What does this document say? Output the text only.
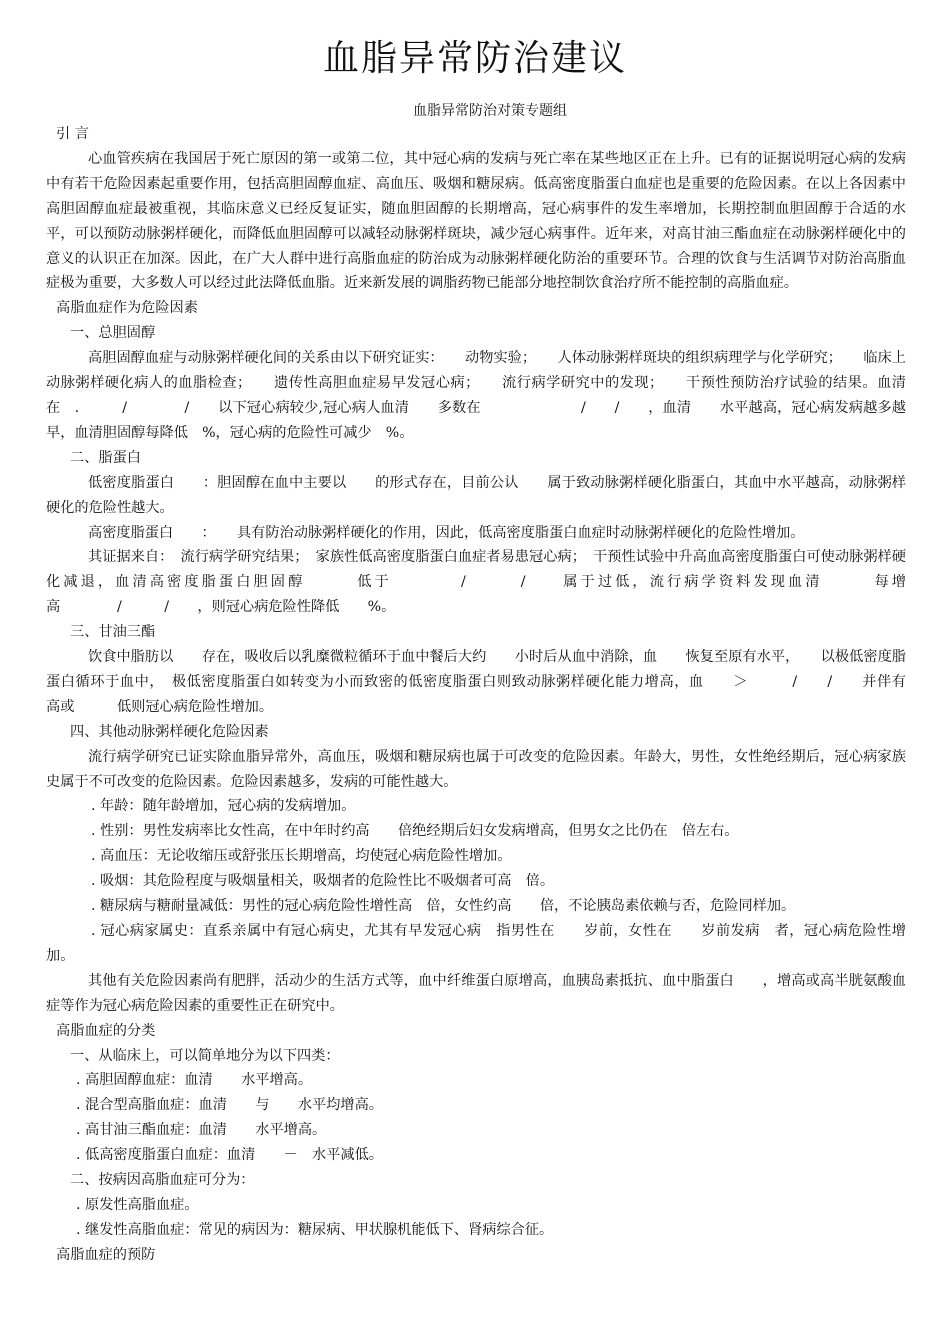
血脂异常防治建议
血脂异常防治对策专题组

引 言

心血管疾病在我国居于死亡原因的第一或第二位，其中冠心病的发病与死亡率在某些地区正在上升。已有的证据说明冠心病的发病中有若干危险因素起重要作用，包括高胆固醇血症、高血压、吸烟和糖尿病。低高密度脂蛋白血症也是重要的危险因素。在以上各因素中高胆固醇血症最被重视，其临床意义已经反复证实，随血胆固醇的长期增高，冠心病事件的发生率增加，长期控制血胆固醇于合适的水平，可以预防动脉粥样硬化，而降低血胆固醇可以减轻动脉粥样斑块，减少冠心病事件。近年来，对高甘油三酯血症在动脉粥样硬化中的意义的认识正在加深。因此，在广大人群中进行高脂血症的防治成为动脉粥样硬化防治的重要环节。合理的饮食与生活调节对防治高脂血症极为重要，大多数人可以经过此法降低血脂。近来新发展的调脂药物已能部分地控制饮食治疗所不能控制的高脂血症。

高脂血症作为危险因素

一、总胆固醇

高胆固醇血症与动脉粥样硬化间的关系由以下研究证实：　　动物实验；　　人体动脉粥样斑块的组织病理学与化学研究；　　临床上动脉粥样硬化病人的血脂检查；　　遗传性高胆血症易早发冠心病；　　流行病学研究中的发现；　　干预性预防治疗试验的结果。血清　　在　.　　　/　　　　/　　以下冠心病较少,冠心病人血清　　多数在　　　　　　　/　　/　　，血清　　水平越高，冠心病发病越多越早，血清胆固醇每降低　%，冠心病的危险性可减少　%。

二、脂蛋白

低密度脂蛋白　　：胆固醇在血中主要以　　的形式存在，目前公认　　属于致动脉粥样硬化脂蛋白，其血中水平越高，动脉粥样硬化的危险性越大。

高密度脂蛋白　　：　　具有防治动脉粥样硬化的作用，因此，低高密度脂蛋白血症时动脉粥样硬化的危险性增加。

其证据来自：　流行病学研究结果；　家族性低高密度脂蛋白血症者易患冠心病；　干预性试验中升高血高密度脂蛋白可使动脉粥样硬化减退，血清高密度脂蛋白胆固醇　　　低于　　　　/　　　/　　属于过低，流行病学资料发现血清　　　每增高　　　　/　　　/　　，则冠心病危险性降低　　%。

三、甘油三酯

饮食中脂肪以　　存在，吸收后以乳糜微粒循环于血中餐后大约　　小时后从血中消除，血　　恢复至原有水平，　　以极低密度脂蛋白循环于血中，　极低密度脂蛋白如转变为小而致密的低密度脂蛋白则致动脉粥样硬化能力增高，血　　＞　　　/　　/　　并伴有　　　高或　　　低则冠心病危险性增加。

四、其他动脉粥样硬化危险因素

流行病学研究已证实除血脂异常外，高血压，吸烟和糖尿病也属于可改变的危险因素。年龄大，男性，女性绝经期后，冠心病家族史属于不可改变的危险因素。危险因素越多，发病的可能性越大。

. 年龄：随年龄增加，冠心病的发病增加。

. 性别：男性发病率比女性高，在中年时约高　　倍绝经期后妇女发病增高，但男女之比仍在　倍左右。

. 高血压：无论收缩压或舒张压长期增高，均使冠心病危险性增加。

. 吸烟：其危险程度与吸烟量相关，吸烟者的危险性比不吸烟者可高　倍。

. 糖尿病与糖耐量减低：男性的冠心病危险性增性高　倍，女性约高　　倍，不论胰岛素依赖与否，危险同样加。

. 冠心病家属史：直系亲属中有冠心病史，尤其有早发冠心病　指男性在　　岁前，女性在　　岁前发病　者，冠心病危险性增加。

其他有关危险因素尚有肥胖，活动少的生活方式等，血中纤维蛋白原增高，血胰岛素抵抗、血中脂蛋白　　，增高或高半胱氨酸血症等作为冠心病危险因素的重要性正在研究中。

高脂血症的分类

一、从临床上，可以简单地分为以下四类：

. 高胆固醇血症：血清　　水平增高。

. 混合型高脂血症：血清　　与　　水平均增高。

. 高甘油三酯血症：血清　　水平增高。

. 低高密度脂蛋白血症：血清　　－　水平减低。

二、按病因高脂血症可分为：

. 原发性高脂血症。

. 继发性高脂血症：常见的病因为：糖尿病、甲状腺机能低下、肾病综合征。

高脂血症的预防
